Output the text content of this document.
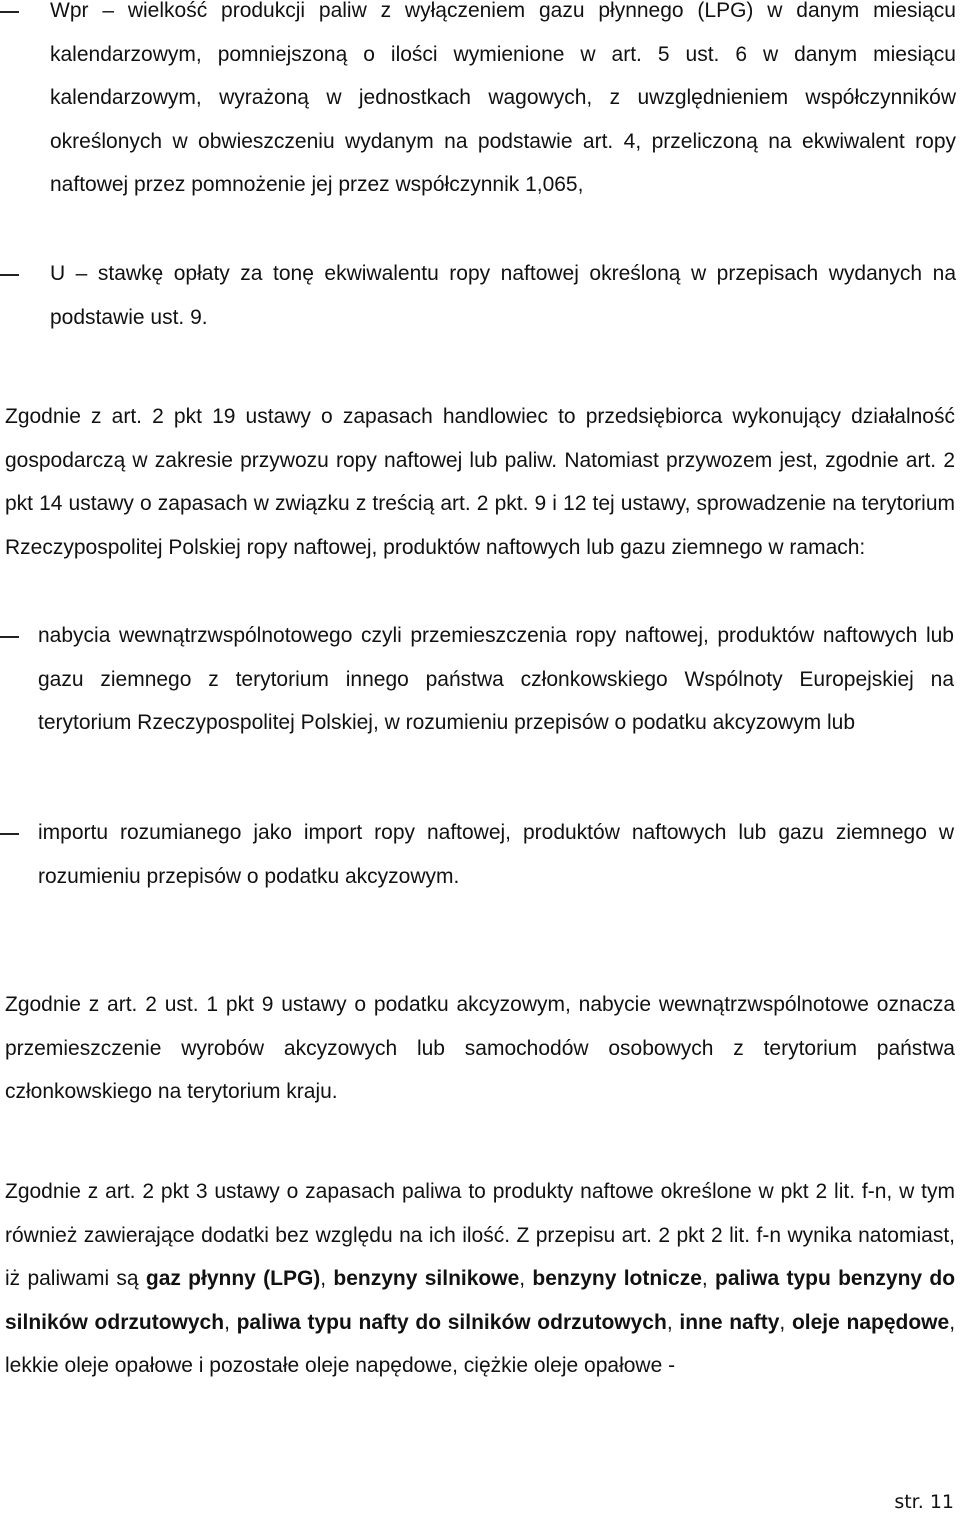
Wpr – wielkość produkcji paliw z wyłączeniem gazu płynnego (LPG) w danym miesiącu kalendarzowym, pomniejszoną o ilości wymienione w art. 5 ust. 6 w danym miesiącu kalendarzowym, wyrażoną w jednostkach wagowych, z uwzględnieniem współczynników określonych w obwieszczeniu wydanym na podstawie art. 4, przeliczoną na ekwiwalent ropy naftowej przez pomnożenie jej przez współczynnik 1,065,

U – stawkę opłaty za tonę ekwiwalentu ropy naftowej określoną w przepisach wydanych na podstawie ust. 9.

Zgodnie z art. 2 pkt 19 ustawy o zapasach handlowiec to przedsiębiorca wykonujący działalność gospodarczą w zakresie przywozu ropy naftowej lub paliw. Natomiast przywozem jest, zgodnie art. 2 pkt 14 ustawy o zapasach w związku z treścią art. 2 pkt. 9 i 12 tej ustawy, sprowadzenie na terytorium Rzeczypospolitej Polskiej ropy naftowej, produktów naftowych lub gazu ziemnego w ramach:

nabycia wewnątrzwspólnotowego czyli przemieszczenia ropy naftowej, produktów naftowych lub gazu ziemnego z terytorium innego państwa członkowskiego Wspólnoty Europejskiej na terytorium Rzeczypospolitej Polskiej, w rozumieniu przepisów o podatku akcyzowym lub

importu rozumianego jako import ropy naftowej, produktów naftowych lub gazu ziemnego w rozumieniu przepisów o podatku akcyzowym.

Zgodnie z art. 2 ust. 1 pkt 9 ustawy o podatku akcyzowym, nabycie wewnątrzwspólnotowe oznacza przemieszczenie wyrobów akcyzowych lub samochodów osobowych z terytorium państwa członkowskiego na terytorium kraju.

Zgodnie z art. 2 pkt 3 ustawy o zapasach paliwa to produkty naftowe określone w pkt 2 lit. f-n, w tym również zawierające dodatki bez względu na ich ilość. Z przepisu art. 2 pkt 2 lit. f-n wynika natomiast, iż paliwami są gaz płynny (LPG), benzyny silnikowe, benzyny lotnicze, paliwa typu benzyny do silników odrzutowych, paliwa typu nafty do silników odrzutowych, inne nafty, oleje napędowe, lekkie oleje opałowe i pozostałe oleje napędowe, ciężkie oleje opałowe -

str. 11
